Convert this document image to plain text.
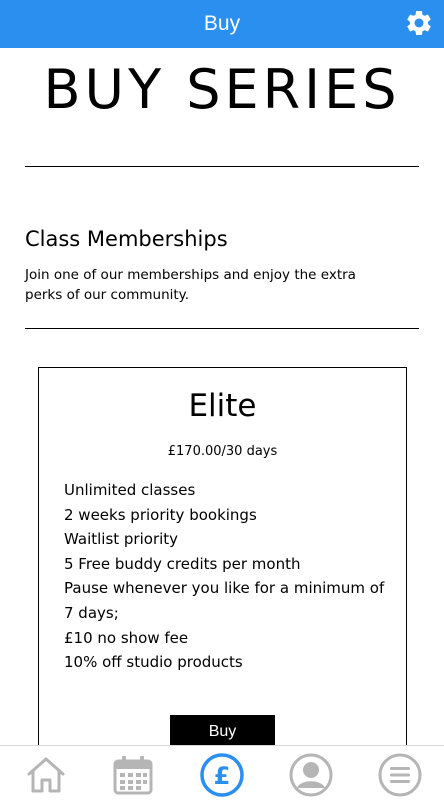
Buy
BUY SERIES
Class Memberships
Join one of our memberships and enjoy the extra perks of our community.
Elite
£170.00/30 days
Unlimited classes
2 weeks priority bookings
Waitlist priority
5 Free buddy credits per month
Pause whenever you like for a minimum of 7 days;
£10 no show fee
10% off studio products
Buy
£
